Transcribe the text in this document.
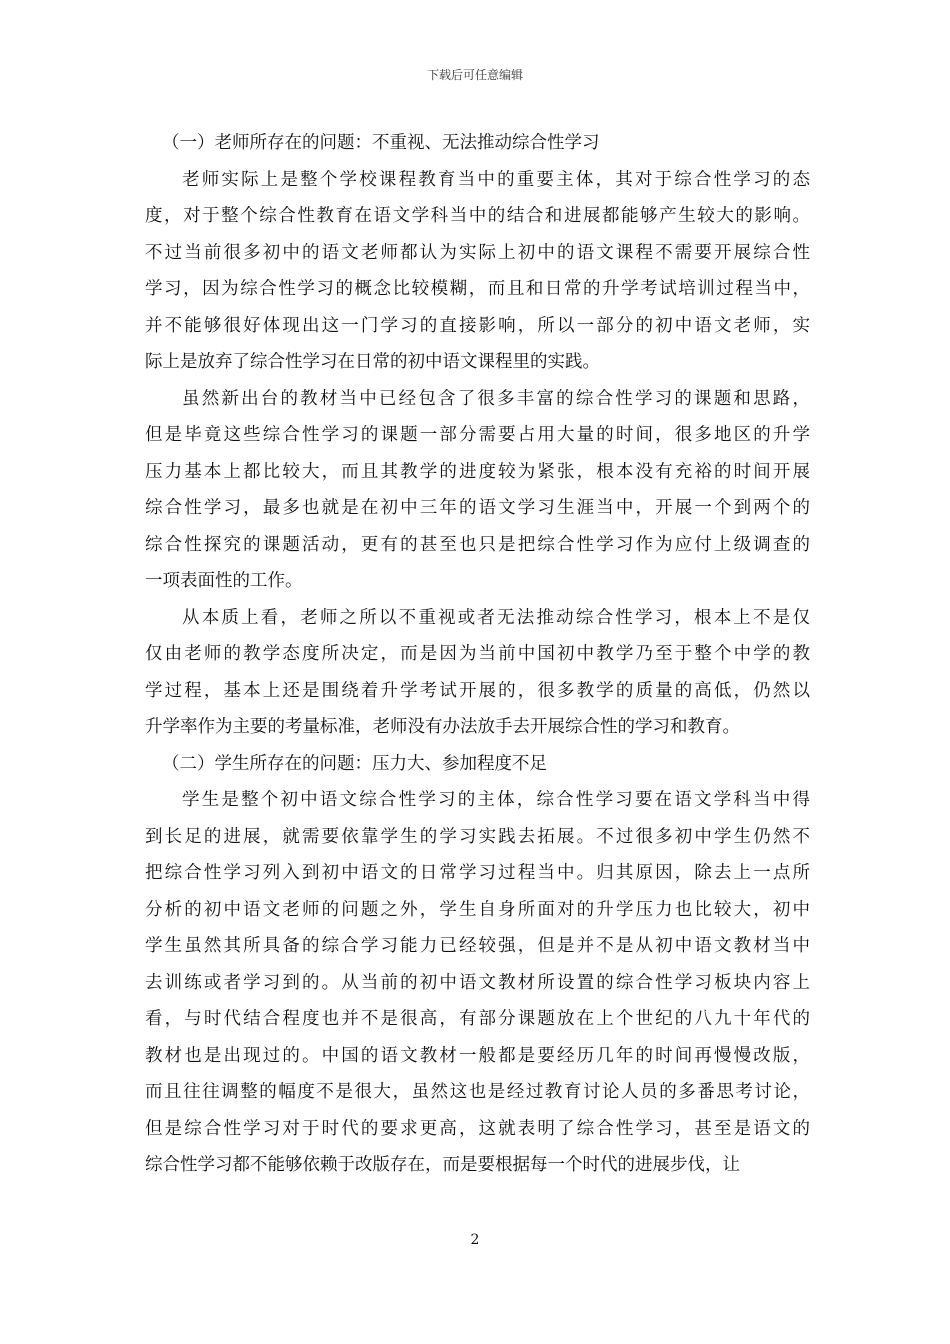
下载后可任意编辑

（一）老师所存在的问题：不重视、无法推动综合性学习

老师实际上是整个学校课程教育当中的重要主体，其对于综合性学习的态

度，对于整个综合性教育在语文学科当中的结合和进展都能够产生较大的影响。

不过当前很多初中的语文老师都认为实际上初中的语文课程不需要开展综合性

学习，因为综合性学习的概念比较模糊，而且和日常的升学考试培训过程当中，

并不能够很好体现出这一门学习的直接影响，所以一部分的初中语文老师，实

际上是放弃了综合性学习在日常的初中语文课程里的实践。

虽然新出台的教材当中已经包含了很多丰富的综合性学习的课题和思路，

但是毕竟这些综合性学习的课题一部分需要占用大量的时间，很多地区的升学

压力基本上都比较大，而且其教学的进度较为紧张，根本没有充裕的时间开展

综合性学习，最多也就是在初中三年的语文学习生涯当中，开展一个到两个的

综合性探究的课题活动，更有的甚至也只是把综合性学习作为应付上级调查的

一项表面性的工作。

从本质上看，老师之所以不重视或者无法推动综合性学习，根本上不是仅

仅由老师的教学态度所决定，而是因为当前中国初中教学乃至于整个中学的教

学过程，基本上还是围绕着升学考试开展的，很多教学的质量的高低，仍然以

升学率作为主要的考量标准，老师没有办法放手去开展综合性的学习和教育。

（二）学生所存在的问题：压力大、参加程度不足

学生是整个初中语文综合性学习的主体，综合性学习要在语文学科当中得

到长足的进展，就需要依靠学生的学习实践去拓展。不过很多初中学生仍然不

把综合性学习列入到初中语文的日常学习过程当中。归其原因，除去上一点所

分析的初中语文老师的问题之外，学生自身所面对的升学压力也比较大，初中

学生虽然其所具备的综合学习能力已经较强，但是并不是从初中语文教材当中

去训练或者学习到的。从当前的初中语文教材所设置的综合性学习板块内容上

看，与时代结合程度也并不是很高，有部分课题放在上个世纪的八九十年代的

教材也是出现过的。中国的语文教材一般都是要经历几年的时间再慢慢改版，

而且往往调整的幅度不是很大，虽然这也是经过教育讨论人员的多番思考讨论，

但是综合性学习对于时代的要求更高，这就表明了综合性学习，甚至是语文的

综合性学习都不能够依赖于改版存在，而是要根据每一个时代的进展步伐，让

2
